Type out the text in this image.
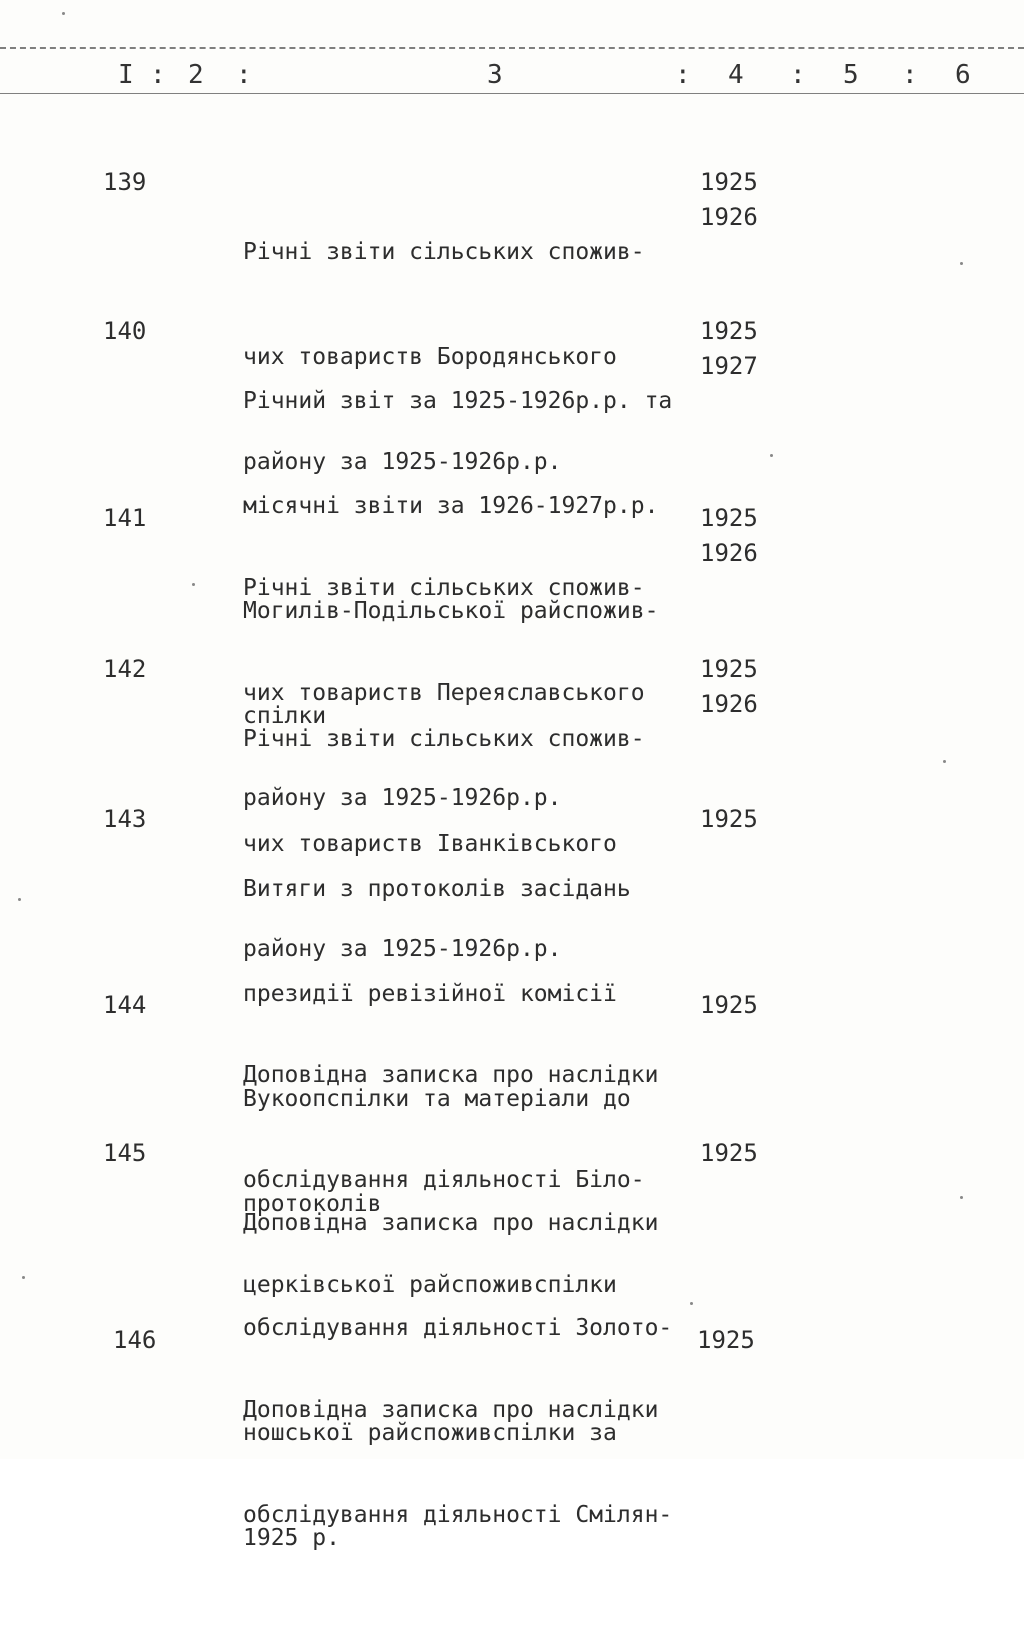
I : 2 :	3	: 4 : 5 : 6
139

Річні звіти сільських спожив-

чих товариств Бородянського

району за 1925-1926р.р.

1925
1926
140

Річний звіт за 1925-1926р.р. та

місячні звіти за 1926-1927р.р.

Могилів-Подільської райспожив-

спілки

1925
1927
141

Річні звіти сільських спожив-

чих товариств Переяславського

району за 1925-1926р.р.

1925
1926
142

Річні звіти сільських спожив-

чих товариств Іванківського

району за 1925-1926р.р.

1925
1926
143

Витяги з протоколів засідань

президії ревізійної комісії

Вукоопспілки та матеріали до

протоколів

1925
144

Доповідна записка про наслідки

обслідування діяльності Біло-

церківської райспоживспілки

1925
145

Доповідна записка про наслідки

обслідування діяльності Золото-

ношської райспоживспілки за

1925 р.

1925
146

Доповідна записка про наслідки

обслідування діяльності Смілян-

1925
